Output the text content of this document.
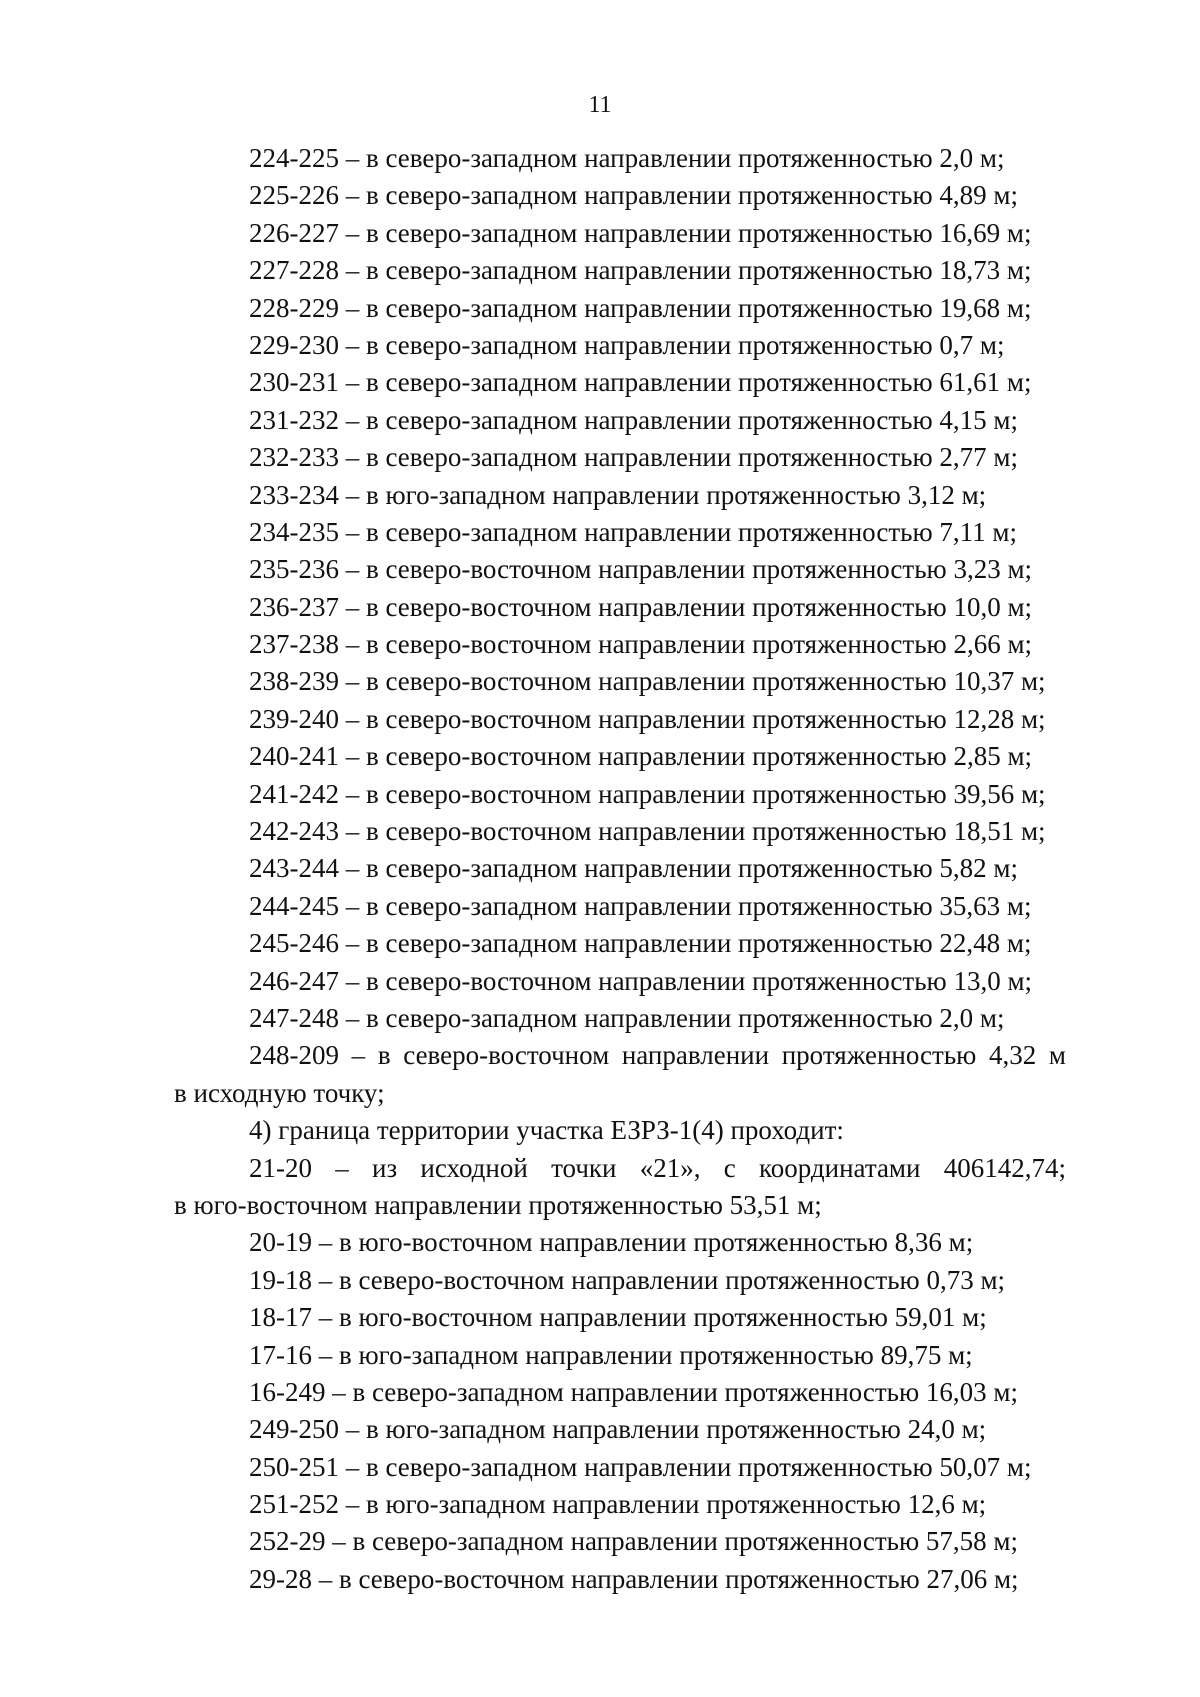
11
224-225 – в северо-западном направлении протяженностью 2,0 м;
225-226 – в северо-западном направлении протяженностью 4,89 м;
226-227 – в северо-западном направлении протяженностью 16,69 м;
227-228 – в северо-западном направлении протяженностью 18,73 м;
228-229 – в северо-западном направлении протяженностью 19,68 м;
229-230 – в северо-западном направлении протяженностью 0,7 м;
230-231 – в северо-западном направлении протяженностью 61,61 м;
231-232 – в северо-западном направлении протяженностью 4,15 м;
232-233 – в северо-западном направлении протяженностью 2,77 м;
233-234 – в юго-западном направлении протяженностью 3,12 м;
234-235 – в северо-западном направлении протяженностью 7,11 м;
235-236 – в северо-восточном направлении протяженностью 3,23 м;
236-237 – в северо-восточном направлении протяженностью 10,0 м;
237-238 – в северо-восточном направлении протяженностью 2,66 м;
238-239 – в северо-восточном направлении протяженностью 10,37 м;
239-240 – в северо-восточном направлении протяженностью 12,28 м;
240-241 – в северо-восточном направлении протяженностью 2,85 м;
241-242 – в северо-восточном направлении протяженностью 39,56 м;
242-243 – в северо-восточном направлении протяженностью 18,51 м;
243-244 – в северо-западном направлении протяженностью 5,82 м;
244-245 – в северо-западном направлении протяженностью 35,63 м;
245-246 – в северо-западном направлении протяженностью 22,48 м;
246-247 – в северо-восточном направлении протяженностью 13,0 м;
247-248 – в северо-западном направлении протяженностью 2,0 м;
248-209 – в северо-восточном направлении протяженностью 4,32 м
в исходную точку;
4) граница территории участка ЕЗРЗ-1(4) проходит:
21-20 – из исходной точки «21», с координатами 406142,74;
в юго-восточном направлении протяженностью 53,51 м;
20-19 – в юго-восточном направлении протяженностью 8,36 м;
19-18 – в северо-восточном направлении протяженностью 0,73 м;
18-17 – в юго-восточном направлении протяженностью 59,01 м;
17-16 – в юго-западном направлении протяженностью 89,75 м;
16-249 – в северо-западном направлении протяженностью 16,03 м;
249-250 – в юго-западном направлении протяженностью 24,0 м;
250-251 – в северо-западном направлении протяженностью 50,07 м;
251-252 – в юго-западном направлении протяженностью 12,6 м;
252-29 – в северо-западном направлении протяженностью 57,58 м;
29-28 – в северо-восточном направлении протяженностью 27,06 м;
